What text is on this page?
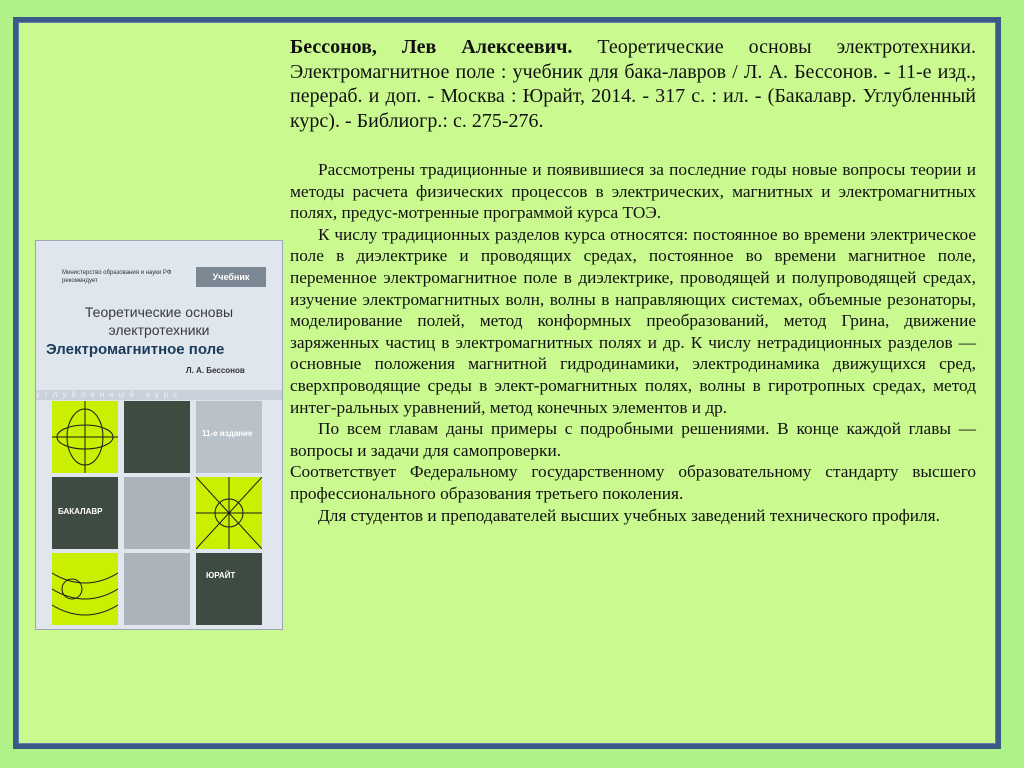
Министерство образования и науки РФ рекомендует	Учебник
Теоретические основы
электротехники
Электромагнитное поле
Л. А. Бессонов
углубленный курс
11-е издание
БАКАЛАВР
ЮРАЙТ

Бессонов, Лев Алексеевич. Теоретические основы электротехники. Электромагнитное поле : учебник для бака-лавров / Л. А. Бессонов. - 11-е изд., перераб. и доп. - Москва : Юрайт, 2014. - 317 с. : ил. - (Бакалавр. Углубленный курс). - Библиогр.: с. 275-276.

Рассмотрены традиционные и появившиеся за последние годы новые вопросы теории и методы расчета физических процессов в электрических, магнитных и электромагнитных полях, предус-мотренные программой курса ТОЭ.

К числу традиционных разделов курса относятся: постоянное во времени электрическое поле в диэлектрике и проводящих средах, постоянное во времени магнитное поле, переменное электромагнитное поле в диэлектрике, проводящей и полупроводящей средах, изучение электромагнитных волн, волны в направляющих системах, объемные резонаторы, моделирование полей, метод конформных преобразований, метод Грина, движение заряженных частиц в электромагнитных полях и др. К числу нетрадиционных разделов — основные положения магнитной гидродинамики, электродинамика движущихся сред, сверхпроводящие среды в элект-ромагнитных полях, волны в гиротропных средах, метод интег-ральных уравнений, метод конечных элементов и др.

По всем главам даны примеры с подробными решениями. В конце каждой главы — вопросы и задачи для самопроверки.

Соответствует Федеральному государственному образовательному стандарту высшего профессионального образования третьего поколения.

Для студентов и преподавателей высших учебных заведений технического профиля.
